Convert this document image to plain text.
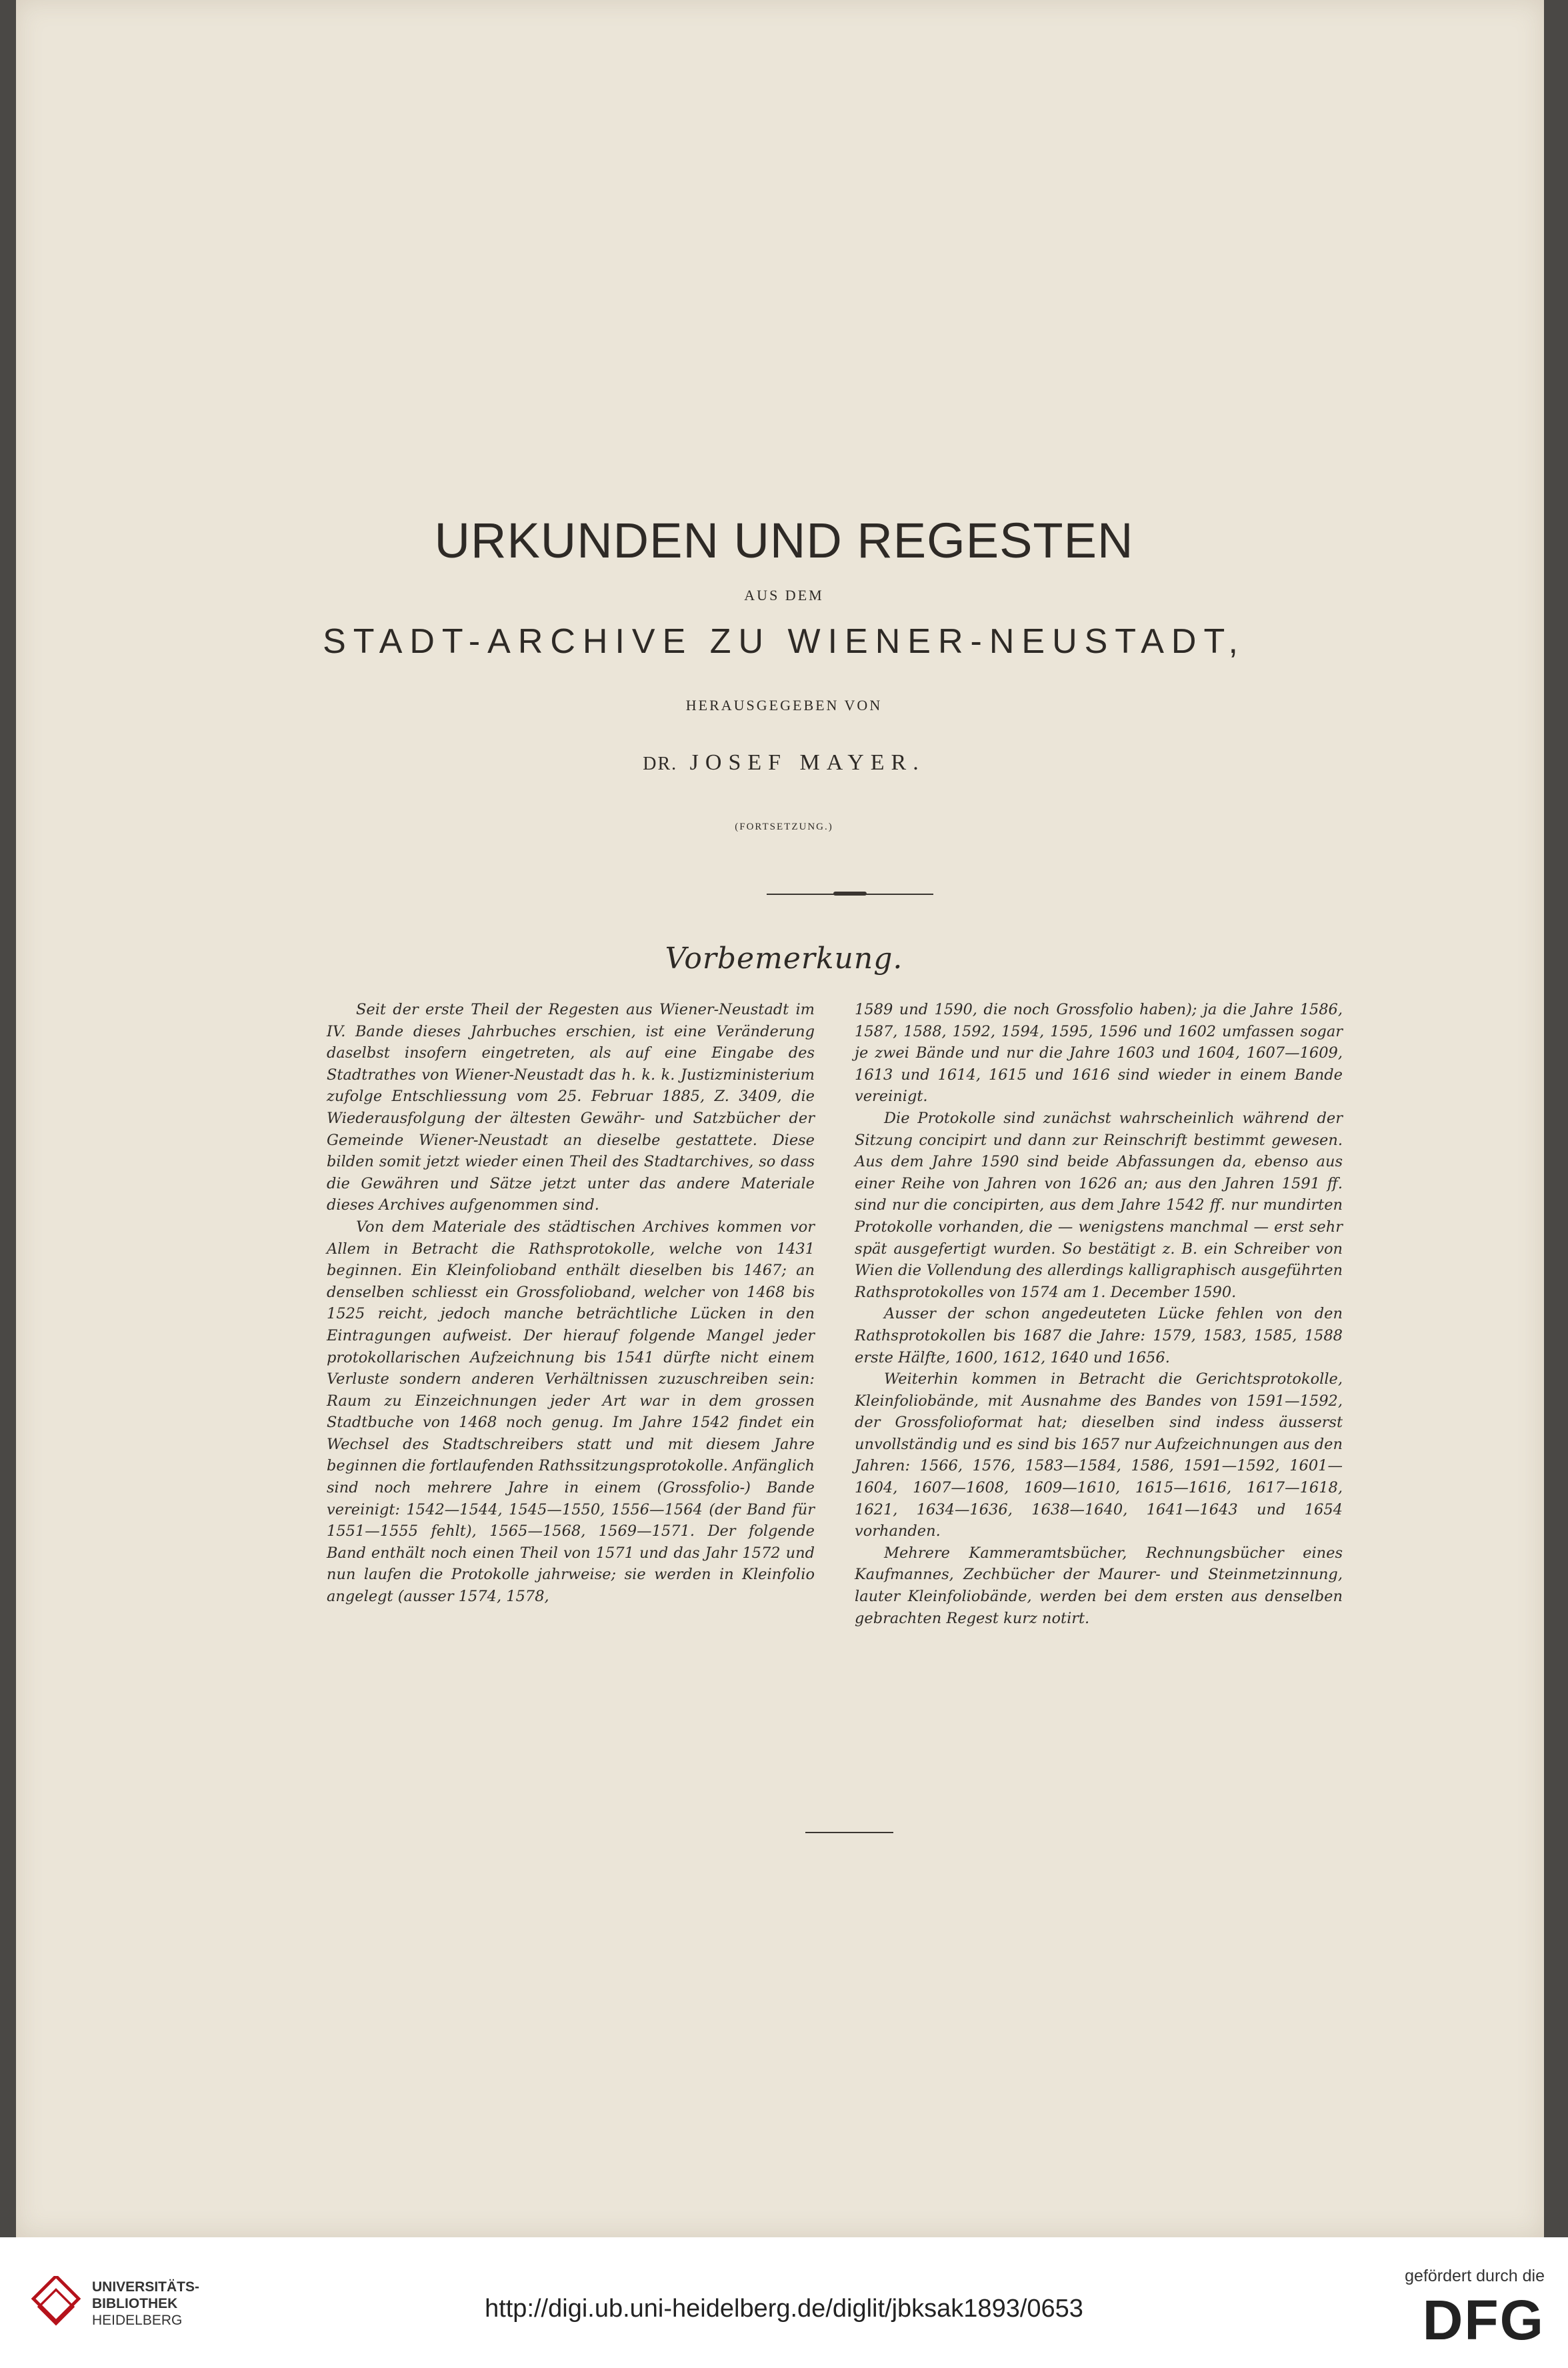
URKUNDEN UND REGESTEN
AUS DEM
STADT-ARCHIVE ZU WIENER-NEUSTADT,
HERAUSGEGEBEN VON
DR. JOSEF MAYER.
(FORTSETZUNG.)
Vorbemerkung.

Seit der erste Theil der Regesten aus Wiener-Neustadt im IV. Bande dieses Jahrbuches erschien, ist eine Veränderung daselbst insofern eingetreten, als auf eine Eingabe des Stadtrathes von Wiener-Neustadt das h. k. k. Justizministerium zufolge Entschliessung vom 25. Februar 1885, Z. 3409, die Wiederausfolgung der ältesten Gewähr- und Satzbücher der Gemeinde Wiener-Neustadt an dieselbe gestattete. Diese bilden somit jetzt wieder einen Theil des Stadtarchives, so dass die Gewähren und Sätze jetzt unter das andere Materiale dieses Archives aufgenommen sind.

Von dem Materiale des städtischen Archives kommen vor Allem in Betracht die Rathsprotokolle, welche von 1431 beginnen. Ein Kleinfolioband enthält dieselben bis 1467; an denselben schliesst ein Grossfolioband, welcher von 1468 bis 1525 reicht, jedoch manche beträchtliche Lücken in den Eintragungen aufweist. Der hierauf folgende Mangel jeder protokollarischen Aufzeichnung bis 1541 dürfte nicht einem Verluste sondern anderen Verhältnissen zuzuschreiben sein: Raum zu Einzeichnungen jeder Art war in dem grossen Stadtbuche von 1468 noch genug. Im Jahre 1542 findet ein Wechsel des Stadtschreibers statt und mit diesem Jahre beginnen die fortlaufenden Rathssitzungsprotokolle. Anfänglich sind noch mehrere Jahre in einem (Grossfolio-) Bande vereinigt: 1542—1544, 1545—1550, 1556—1564 (der Band für 1551—1555 fehlt), 1565—1568, 1569—1571. Der folgende Band enthält noch einen Theil von 1571 und das Jahr 1572 und nun laufen die Protokolle jahrweise; sie werden in Kleinfolio angelegt (ausser 1574, 1578,

1589 und 1590, die noch Grossfolio haben); ja die Jahre 1586, 1587, 1588, 1592, 1594, 1595, 1596 und 1602 umfassen sogar je zwei Bände und nur die Jahre 1603 und 1604, 1607—1609, 1613 und 1614, 1615 und 1616 sind wieder in einem Bande vereinigt.

Die Protokolle sind zunächst wahrscheinlich während der Sitzung concipirt und dann zur Reinschrift bestimmt gewesen. Aus dem Jahre 1590 sind beide Abfassungen da, ebenso aus einer Reihe von Jahren von 1626 an; aus den Jahren 1591 ff. sind nur die concipirten, aus dem Jahre 1542 ff. nur mundirten Protokolle vorhanden, die — wenigstens manchmal — erst sehr spät ausgefertigt wurden. So bestätigt z. B. ein Schreiber von Wien die Vollendung des allerdings kalligraphisch ausgeführten Rathsprotokolles von 1574 am 1. December 1590.

Ausser der schon angedeuteten Lücke fehlen von den Rathsprotokollen bis 1687 die Jahre: 1579, 1583, 1585, 1588 erste Hälfte, 1600, 1612, 1640 und 1656.

Weiterhin kommen in Betracht die Gerichtsprotokolle, Kleinfoliobände, mit Ausnahme des Bandes von 1591—1592, der Grossfolioformat hat; dieselben sind indess äusserst unvollständig und es sind bis 1657 nur Aufzeichnungen aus den Jahren: 1566, 1576, 1583—1584, 1586, 1591—1592, 1601—1604, 1607—1608, 1609—1610, 1615—1616, 1617—1618, 1621, 1634—1636, 1638—1640, 1641—1643 und 1654 vorhanden.

Mehrere Kammeramtsbücher, Rechnungsbücher eines Kaufmannes, Zechbücher der Maurer- und Steinmetzinnung, lauter Kleinfoliobände, werden bei dem ersten aus denselben gebrachten Regest kurz notirt.

UNIVERSITÄTS-
BIBLIOTHEK
HEIDELBERG	http://digi.ub.uni-heidelberg.de/diglit/jbksak1893/0653
gefördert durch die
DFG
